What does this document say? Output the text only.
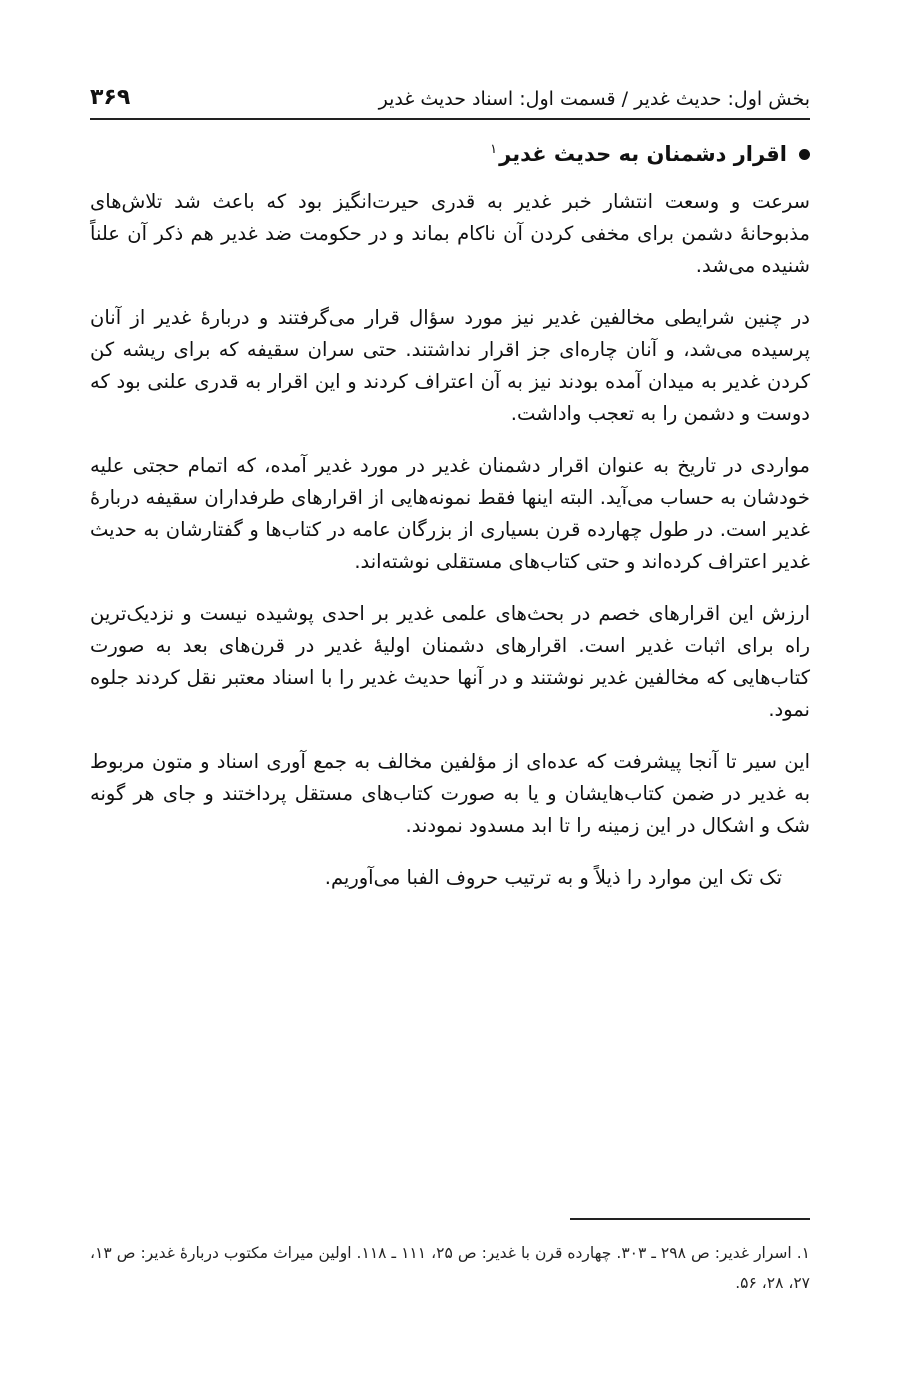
بخش اول: حدیث غدیر / قسمت اول: اسناد حدیث غدیر
۳۶۹
اقرار دشمنان به حدیث غدیر$^۱$

سرعت و وسعت انتشار خبر غدیر به قدری حیرت‌انگیز بود که باعث شد تلاش‌های مذبوحانهٔ دشمن برای مخفی کردن آن ناکام بماند و در حکومت ضد غدیر هم ذکر آن علناً شنیده می‌شد.

در چنین شرایطی مخالفین غدیر نیز مورد سؤال قرار می‌گرفتند و دربارهٔ غدیر از آنان پرسیده می‌شد، و آنان چاره‌ای جز اقرار نداشتند. حتی سران سقیفه که برای ریشه کن کردن غدیر به میدان آمده بودند نیز به آن اعتراف کردند و این اقرار به قدری علنی بود که دوست و دشمن را به تعجب واداشت.

مواردی در تاریخ به عنوان اقرار دشمنان غدیر در مورد غدیر آمده، که اتمام حجتی علیه خودشان به حساب می‌آید. البته اینها فقط نمونه‌هایی از اقرارهای طرفداران سقیفه دربارهٔ غدیر است. در طول چهارده قرن بسیاری از بزرگان عامه در کتاب‌ها و گفتارشان به حدیث غدیر اعتراف کرده‌اند و حتی کتاب‌های مستقلی نوشته‌اند.

ارزش این اقرارهای خصم در بحث‌های علمی غدیر بر احدی پوشیده نیست و نزدیک‌ترین راه برای اثبات غدیر است. اقرارهای دشمنان اولیهٔ غدیر در قرن‌های بعد به صورت کتاب‌هایی که مخالفین غدیر نوشتند و در آنها حدیث غدیر را با اسناد معتبر نقل کردند جلوه نمود.

این سیر تا آنجا پیشرفت که عده‌ای از مؤلفین مخالف به جمع آوری اسناد و متون مربوط به غدیر در ضمن کتاب‌هایشان و یا به صورت کتاب‌های مستقل پرداختند و جای هر گونه شک و اشکال در این زمینه را تا ابد مسدود نمودند.

تک تک این موارد را ذیلاً و به ترتیب حروف الفبا می‌آوریم.

۱. اسرار غدیر: ص ۲۹۸ ـ ۳۰۳. چهارده قرن با غدیر: ص ۲۵، ۱۱۱ ـ ۱۱۸. اولین میراث مکتوب دربارهٔ غدیر: ص ۱۳، ۲۷، ۲۸، ۵۶.
